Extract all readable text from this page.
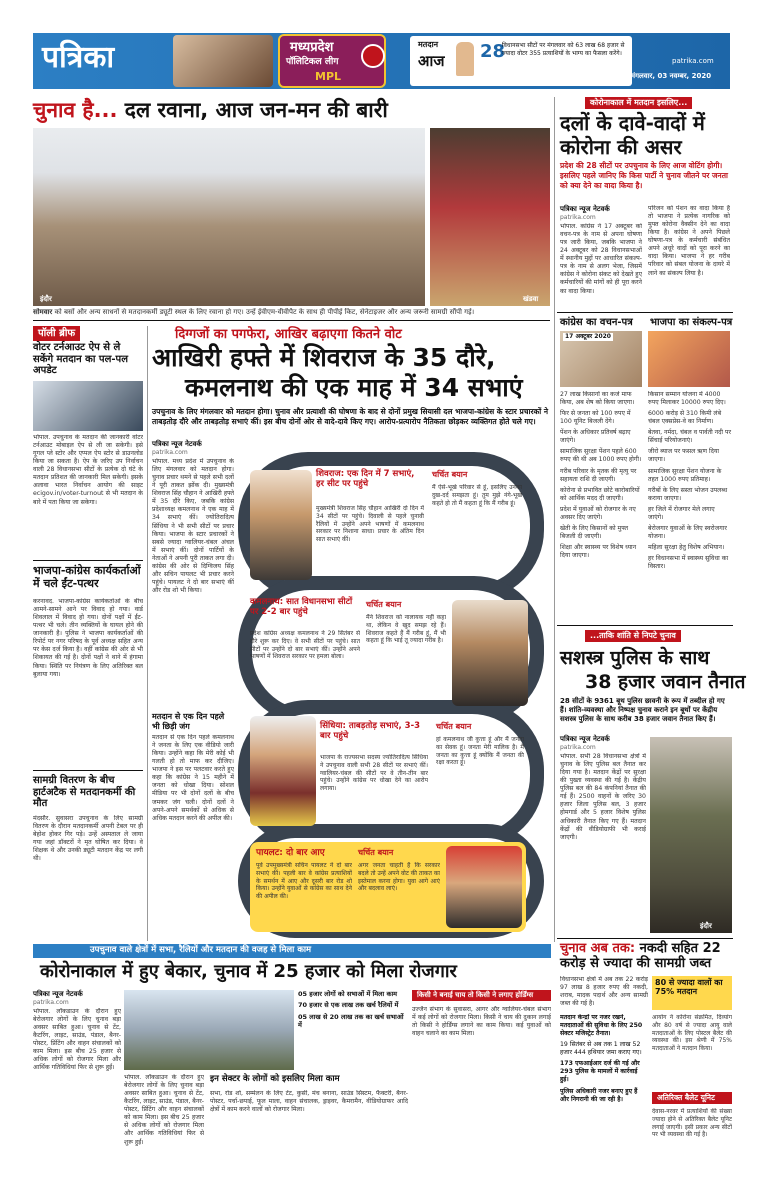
पत्रिका	मध्यप्रदेश
पॉलिटिकल लीग
MPL
मतदान
आज 28
विधानसभा सीटों पर मंगलवार को 63 लाख 68 हजार से ज्यादा वोटर 355 प्रत्याशियों के भाग्य का फैसला करेंगे।
patrika.com
इंदौर, मंगलवार, 03 नवम्बर, 2020
चुनाव है... दल रवाना, आज जन-मन की बारी
इंदौर	खंडवा
सोमवार को बसों और अन्य साधनों से मतदानकर्मी ड्यूटी स्थल के लिए रवाना हो गए। उन्हें ईवीएम-वीवीपैट के साथ ही पीपीई किट, सेनेटाइजर और अन्य जरूरी सामग्री सौंपी गई।
कोरोनाकाल में मतदान इसलिए...
दलों के दावे-वादों में
कोरोना की असर
प्रदेश की 28 सीटों पर उपचुनाव के लिए आज वोटिंग होगी। इसलिए पहले जानिए कि किस पार्टी ने चुनाव जीतने पर जनता को क्या देने का वादा किया है।
पत्रिका न्यूज नेटवर्क
patrika.com
भोपाल. कांग्रेस ने 17 अक्टूबर को वचन-पत्र के नाम से अपना घोषणा पत्र जारी किया, जबकि भाजपा ने 24 अक्टूबर को 28 विधानसभाओं में स्थानीय मुद्दों पर आधारित संकल्प-पत्र के नाम से अलग भेजा, जिसमें कांग्रेस ने कोरोना संकट को देखते हुए कर्मचारियों की मांगों को ही पूरा करने का वादा किया।
परिजन को पेंशन का वादा किया है तो भाजपा ने प्रत्येक नागरिक को मुफ्त कोरोना वैक्सीन देने का वादा किया है। कांग्रेस ने अपने पिछले घोषणा-पत्र के कर्मचारी संबंधित अपने अधूरे वादों को पूरा करने का वादा किया। भाजपा ने हर गरीब परिवार को संबल योजना के दायरे में लाने का संकल्प लिया है।
कांग्रेस का वचन-पत्र भाजपा का संकल्प-पत्र
17 अक्टूबर 2020

27 लाख किसानों का कर्ज माफ किया, अब शेष को किया जाएगा।

फिर से जनता को 100 रुपए में 100 यूनिट बिजली देंगे।

पेंशन के अधिकार प्रतिवर्ष बढ़ाए जाएंगे।

सामाजिक सुरक्षा पेंशन पहले 600 रुपए की थी अब 1000 रुपए होगी।

गरीब परिवार के मृतक की मृत्यु पर सहायता राशि दी जाएगी।

कोरोना से प्रभावित छोटे कारोबारियों को आर्थिक मदद दी जाएगी।

प्रदेश में युवाओं को रोजगार के नए अवसर दिए जाएंगे।

खेती के लिए किसानों को मुफ्त बिजली दी जाएगी।

शिक्षा और स्वास्थ्य पर विशेष ध्यान दिया जाएगा।

किसान सम्मान योजना में 4000 रुपए मिलाकर 10000 रुपए दिए।

6000 करोड़ से 310 किमी लंबे चंबल एक्सप्रेस-वे का निर्माण।

बेतवा, नर्मदा, चंबल व पार्वती नदी पर सिंचाई परियोजनाएं।

जीरो ब्याज पर फसल ऋण दिया जाएगा।

सामाजिक सुरक्षा पेंशन योजना के तहत 1000 रुपए प्रतिमाह।

गरीबों के लिए सस्ता भोजन उपलब्ध कराया जाएगा।

हर जिले में रोजगार मेले लगाए जाएंगे।

बेरोजगार युवाओं के लिए स्वरोजगार योजना।

महिला सुरक्षा हेतु विशेष अभियान।

हर विधानसभा में स्वास्थ्य सुविधा का विस्तार।

पॉली ब्रीफ
वोटर टर्नआउट ऐप से ले सकेंगे मतदान का पल-पल अपडेट
भोपाल. उपचुनाव के मतदान की जानकारी वोटर टर्नआउट मोबाइल ऐप से ली जा सकेगी। इसे गूगल प्ले स्टोर और एप्पल ऐप स्टोर से डाउनलोड किया जा सकता है। ऐप के जरिए उप निर्वाचन वाली 28 विधानसभा सीटों के प्रत्येक दो घंटे के मतदान प्रतिशत की जानकारी मिल सकेगी। इसके अलावा भारत निर्वाचन आयोग की साइट ecigov.in/voter-turnout से भी मतदान के बारे में पता किया जा सकेगा।
भाजपा-कांग्रेस कार्यकर्ताओं में चले ईंट-पत्थर
करनावद. भाजपा-कांग्रेस कार्यकर्ताओं के बीच आमने-सामने आने पर विवाद हो गया। वार्ड शिवलाल में विवाद हो गया। दोनों पक्षों में ईंट-पत्थर भी चले। तीन व्यक्तियों के घायल होने की जानकारी है। पुलिस ने भाजपा कार्यकर्ताओं की रिपोर्ट पर नगर परिषद के पूर्व अध्यक्ष सहित अन्य पर केस दर्ज किया है। वहीं कांग्रेस की ओर से भी शिकायत की गई है। दोनों पक्षों ने थाने में हंगामा किया। स्थिति पर नियंत्रण के लिए अतिरिक्त बल बुलाया गया।
सामग्री वितरण के बीच हार्टअटैक से मतदानकर्मी की मौत
मंदसौर. सुवासरा उपचुनाव के लिए सामग्री वितरण के दौरान मतदानकर्मी अपनी टेबल पर ही बेहोश होकर गिर पड़े। उन्हें अस्पताल ले जाया गया जहां डॉक्टरों ने मृत घोषित कर दिया। वे शिक्षक थे और उनकी ड्यूटी मतदान केंद्र पर लगी थी।
दिग्गजों का पगफेरा, आखिर बढ़ाएगा कितने वोट
आखिरी हफ्ते में शिवराज के 35 दौरे,
कमलनाथ की एक माह में 34 सभाएं
उपचुनाव के लिए मंगलवार को मतदान होगा। चुनाव और प्रत्याशी की घोषणा के बाद से दोनों प्रमुख सियासी दल भाजपा-कांग्रेस के स्टार प्रचारकों ने ताबड़तोड़ दौरे और ताबड़तोड़ सभाएं कीं। इस बीच दोनों ओर से वादे-दावे किए गए। आरोप-प्रत्यारोप नैतिकता छोड़कर व्यक्तिगत होते चले गए।
पत्रिका न्यूज नेटवर्क
patrika.com
भोपाल. मध्य प्रदेश में उपचुनाव के लिए मंगलवार को मतदान होगा। चुनाव प्रचार थमने से पहले सभी दलों ने पूरी ताकत झोंक दी। मुख्यमंत्री शिवराज सिंह चौहान ने आखिरी हफ्ते में 35 दौरे किए, जबकि कांग्रेस प्रदेशाध्यक्ष कमलनाथ ने एक माह में 34 सभाएं कीं। ज्योतिरादित्य सिंधिया ने भी सभी सीटों पर प्रचार किया। भाजपा के स्टार प्रचारकों ने सबसे ज्यादा ग्वालियर-चंबल अंचल में सभाएं कीं। दोनों पार्टियों के नेताओं ने अपनी पूरी ताकत लगा दी। कांग्रेस की ओर से दिग्विजय सिंह और सचिन पायलट भी प्रचार करने पहुंचे। पायलट ने दो बार सभाएं कीं और रोड शो भी किया।
मतदान से एक दिन पहले भी छिड़ी जंग
मतदान से एक दिन पहले कमलनाथ ने जनता के लिए एक वीडियो जारी किया। उन्होंने कहा कि मेरी कोई भी गलती हो तो माफ कर दीजिए। भाजपा ने इस पर पलटवार करते हुए कहा कि कांग्रेस ने 15 महीने में जनता को धोखा दिया। सोशल मीडिया पर भी दोनों दलों के बीच जमकर जंग चली। दोनों दलों ने अपने-अपने समर्थकों से अधिक से अधिक मतदान करने की अपील की।
शिवराज: एक दिन में 7 सभाएं, हर सीट पर पहुंचे
मुख्यमंत्री शिवराज सिंह चौहान आखिरी दो दिन में 34 सीटों पर पहुंचे। दिवाली से पहले चुनावी रैलियों में उन्होंने अपने भाषणों में कमलनाथ सरकार पर निशाना साधा। प्रचार के अंतिम दिन सात सभाएं कीं।
चर्चित बयान
मैं ऐसे-भूखे परिवार से हूं, इसलिए उनका दुख-दर्द समझता हूं। तुम मुझे नंगे-भूखे कहते हो तो मैं कहता हूं कि मैं गरीब हूं।
कमलनाथ: सात विधानसभा सीटों पर 2-2 बार पहुंचे
प्रदेश कांग्रेस अध्यक्ष कमलनाथ ने 29 सितंबर से दौरे शुरू कर दिए। वे सभी सीटों पर पहुंचे। सात सीटों पर उन्होंने दो बार सभाएं कीं। उन्होंने अपने भाषणों में शिवराज सरकार पर हमला बोला।
चर्चित बयान
मैंने शिवराज को नालायक नहीं कहा था, लेकिन वे खुद समझ रहे हैं। शिवराज कहते हैं मैं गरीब हूं, मैं भी कहता हूं कि भाई तू ज्यादा गरीब है।
सिंधिया: ताबड़तोड़ सभाएं, 3-3 बार पहुंचे
भाजपा के राज्यसभा सदस्य ज्योतिरादित्य सिंधिया ने उपचुनाव वाली सभी 28 सीटों पर सभाएं कीं। ग्वालियर-चंबल की सीटों पर वे तीन-तीन बार पहुंचे। उन्होंने कांग्रेस पर धोखा देने का आरोप लगाया।
चर्चित बयान
हां कमलनाथ जी कुत्ता हूं और मैं जनता का सेवक हूं। जनता मेरी मालिक है। मैं जनता का कुत्ता हूं क्योंकि मैं जनता की रक्षा करता हूं।
पायलट: दो बार आए
पूर्व उपमुख्यमंत्री सचिन पायलट ने दो बार सभाएं कीं। पहली बार वे कांग्रेस प्रत्याशियों के समर्थन में आए और दूसरी बार रोड शो किया। उन्होंने युवाओं से कांग्रेस का साथ देने की अपील की।
चर्चित बयान
अगर जनता चाहती है कि सरकार बदले तो उन्हें अपने वोट की ताकत का इस्तेमाल करना होगा। युवा आगे आएं और बदलाव लाएं।
...ताकि शांति से निपटे चुनाव
सशस्त्र पुलिस के साथ
38 हजार जवान तैनात
28 सीटों के 9361 बूथ पुलिस छावनी के रूप में तब्दील हो गए हैं। शांति-व्यवस्था और निष्पक्ष चुनाव कराने इन बूथों पर केंद्रीय सशस्त्र पुलिस के साथ करीब 38 हजार जवान तैनात किए हैं।
पत्रिका न्यूज नेटवर्क
patrika.com
भोपाल. सभी 28 विधानसभा क्षेत्रों में चुनाव के लिए पुलिस बल तैनात कर दिया गया है। मतदान केंद्रों पर सुरक्षा की पुख्ता व्यवस्था की गई है। केंद्रीय पुलिस बल की 84 कंपनियां तैनात की गई हैं। 2500 वाहनों के जरिए 30 हजार जिला पुलिस बल, 3 हजार होमगार्ड और 5 हजार विशेष पुलिस अधिकारी तैनात किए गए हैं। मतदान केंद्रों की वीडियोग्राफी भी कराई जाएगी।
इंदौर
चुनाव अब तक: नकदी सहित 22 करोड़ से ज्यादा की सामग्री जब्त
विधानसभा क्षेत्रों में अब तक 22 करोड़ 97 लाख 8 हजार रुपए की नकदी, शराब, मादक पदार्थ और अन्य सामग्री जब्त की गई है।

मतदान केन्द्रों पर नजर रखने, मतदाताओं की सुविधा के लिए 250 सेक्टर मजिस्ट्रेट तैनात।

19 सितंबर से अब तक 1 लाख 52 हजार 444 हथियार जमा कराए गए।

173 एफआईआर दर्ज की गई और 293 पुलिस के मामलों में कार्रवाई हुई।

पुलिस अधिकारी नजर बनाए हुए हैं और निगरानी की जा रही है।

80 से ज्यादा वालों का 75% मतदान
आयोग ने कोरोना संक्रमित, दिव्यांग और 80 वर्ष से ज्यादा आयु वाले मतदाताओं के लिए पोस्टल बैलेट की व्यवस्था की। इस श्रेणी में 75% मतदाताओं ने मतदान किया।
अतिरिक्त बैलेट यूनिट
देवास-नरवर में प्रत्याशियों की संख्या ज्यादा होने से अतिरिक्त बैलेट यूनिट लगाई जाएगी। इसी प्रकार अन्य सीटों पर भी व्यवस्था की गई है।
उपचुनाव वाले क्षेत्रों में सभा, रैलियों और मतदान की वजह से मिला काम
कोरोनाकाल में हुए बेकार, चुनाव में 25 हजार को मिला रोजगार
पत्रिका न्यूज नेटवर्क
patrika.com
भोपाल. लॉकडाउन के दौरान हुए बेरोजगार लोगों के लिए चुनाव बड़ा अवसर साबित हुआ। चुनाव से टेंट, कैटरिंग, लाइट, साउंड, पंडाल, बैनर-पोस्टर, प्रिंटिंग और वाहन संचालकों को काम मिला। इस बीच 25 हजार से अधिक लोगों को रोजगार मिला और आर्थिक गतिविधियां फिर से शुरू हुईं।

05 हजार लोगों को सभाओं में मिला काम

70 हजार से एक लाख तक खर्च रैलियों में

05 लाख से 20 लाख तक का खर्च सभाओं में

भोपाल. लॉकडाउन के दौरान हुए बेरोजगार लोगों के लिए चुनाव बड़ा अवसर साबित हुआ। चुनाव से टेंट, कैटरिंग, लाइट, साउंड, पंडाल, बैनर-पोस्टर, प्रिंटिंग और वाहन संचालकों को काम मिला। इस बीच 25 हजार से अधिक लोगों को रोजगार मिला और आर्थिक गतिविधियां फिर से शुरू हुईं।
इन सेक्टर के लोगों को इसलिए मिला काम
सभा, रोड शो, सम्मेलन के लिए टेंट, कुर्सी, मंच बनाना, साउंड सिस्टम, फैक्टरी, बैनर-पोस्टर, पर्चा-छपाई, फूल माला, वाहन संचालक, ड्राइवर, कैमरामैन, वीडियोग्राफर आदि क्षेत्रों में काम करने वालों को रोजगार मिला।
किसी ने बनाई चाय तो किसी ने लगाए होर्डिंग्स
उज्जैन संभाग के सुवासरा, आगर और ग्वालियर-चंबल संभाग में कई लोगों को रोजगार मिला। किसी ने चाय की दुकान लगाई तो किसी ने होर्डिंग्स लगाने का काम किया। कई युवाओं को वाहन चलाने का काम मिला।
